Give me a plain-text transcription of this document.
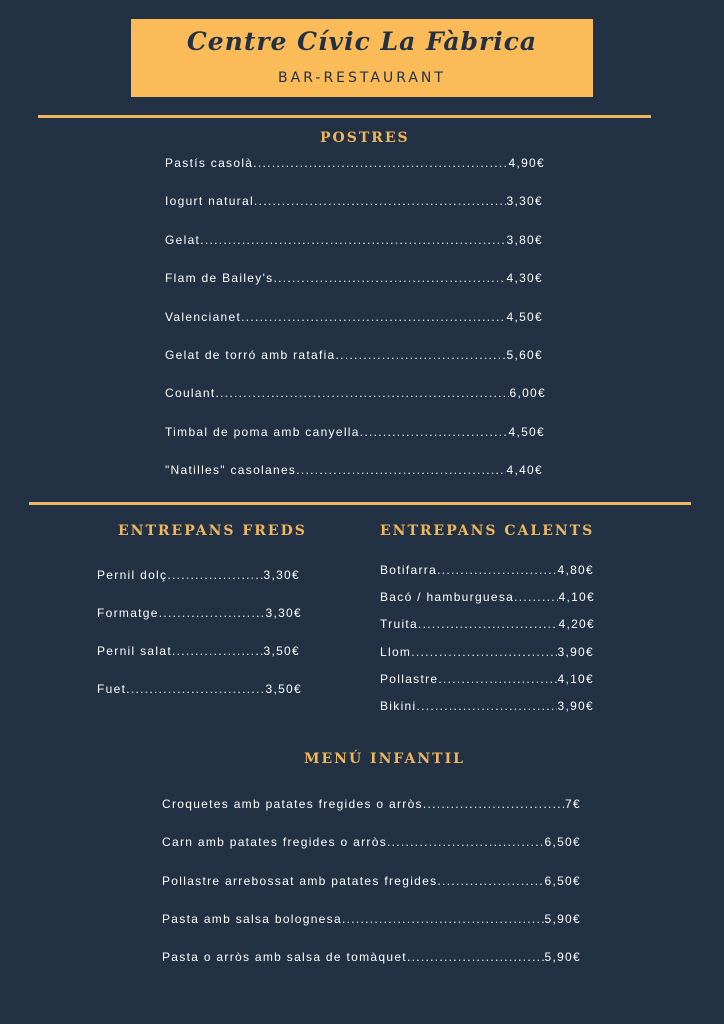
Centre Cívic La Fàbrica
BAR-RESTAURANT
POSTRES
Pastís casolà .....	4,90€
Iogurt natural .....	3,30€
Gelat .....	3,80€
Flam de Bailey's .....	4,30€
Valencianet .....	4,50€
Gelat de torró amb ratafia .....	5,60€
Coulant .....	6,00€
Timbal de poma amb canyella .....	4,50€
"Natilles" casolanes .....	4,40€
ENTREPANS FREDS
Pernil dolç .....	3,30€
Formatge .....	3,30€
Pernil salat .....	3,50€
Fuet .....	3,50€
ENTREPANS CALENTS
Botifarra .....	4,80€
Bacó / hamburguesa .....	4,10€
Truita .....	4,20€
Llom .....	3,90€
Pollastre .....	4,10€
Bikini .....	3,90€
MENÚ INFANTIL
Croquetes amb patates fregides o arròs .....	7€
Carn amb patates fregides o arròs .....	6,50€
Pollastre arrebossat amb patates fregides .....	6,50€
Pasta amb salsa bolognesa .....	5,90€
Pasta o arròs amb salsa de tomàquet .....	5,90€
